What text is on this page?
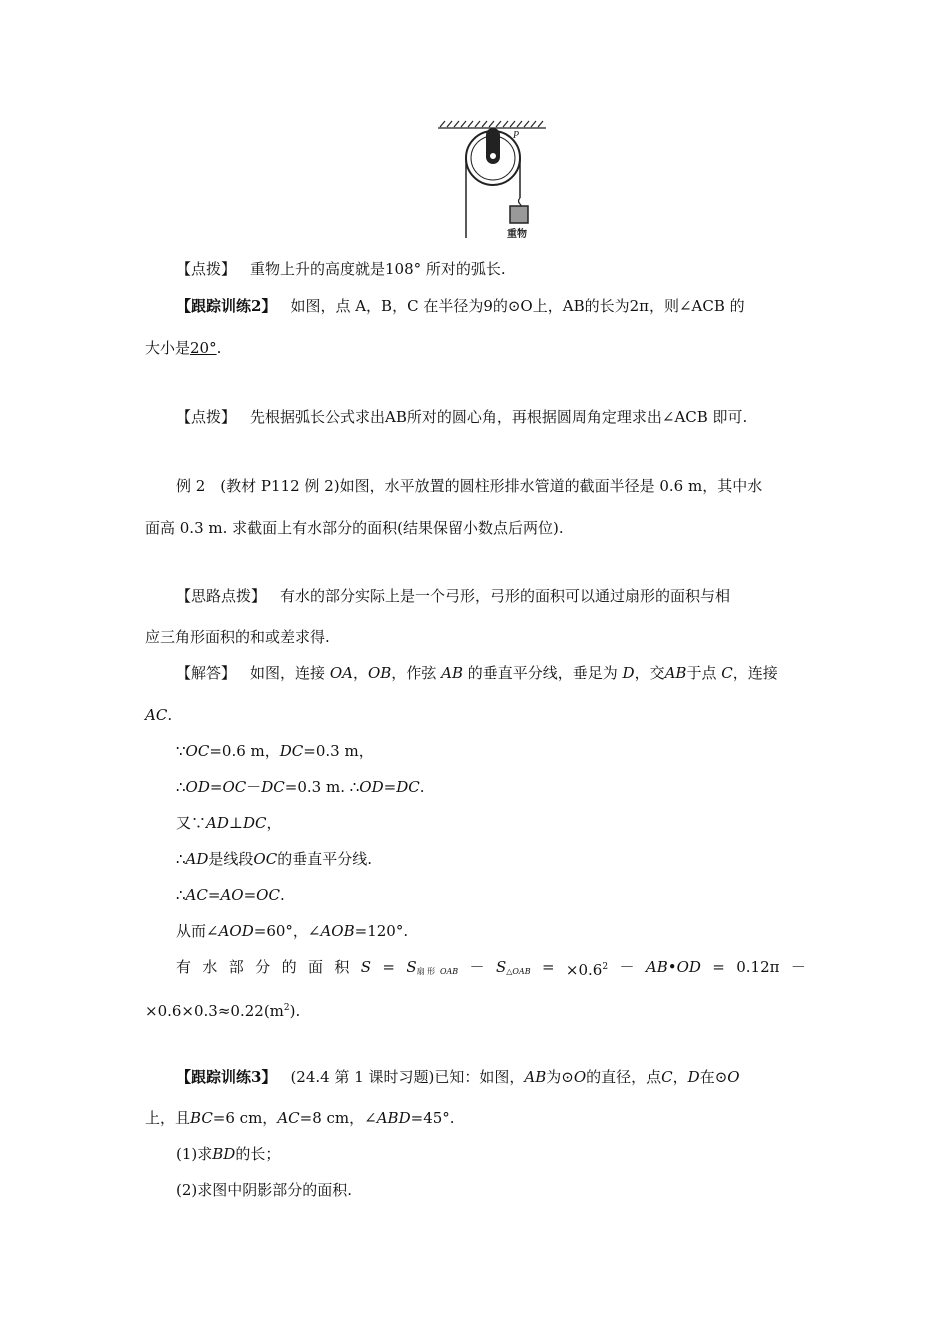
P
重物
【点拨】 重物上升的高度就是108° 所对的弧长.
【跟踪训练2】 如图，点 A，B，C 在半径为9的⊙O上，AB的长为2π，则∠ACB 的
大小是20°.
【点拨】 先根据弧长公式求出AB所对的圆心角，再根据圆周角定理求出∠ACB 即可.
例 2　(教材 P112 例 2)如图，水平放置的圆柱形排水管道的截面半径是 0.6 m，其中水
面高 0.3 m. 求截面上有水部分的面积(结果保留小数点后两位).
【思路点拨】 有水的部分实际上是一个弓形，弓形的面积可以通过扇形的面积与相
应三角形面积的和或差求得.
【解答】 如图，连接 OA，OB，作弦 AB 的垂直平分线，垂足为 D，交AB于点 C，连接
AC.
∵OC=0.6 m，DC=0.3 m，
∴OD=OC－DC=0.3 m. ∴OD=DC.
又∵AD⊥DC，
∴AD是线段OC的垂直平分线.
∴AC=AO=OC.
从而∠AOD=60°，∠AOB=120°.
有 水 部 分 的 面 积 $S = S_{扇 形}$ $_{OAB} - S_{\triangle OAB} = \times 0.6^2$ － AB•OD = 0.12π －
$\times 0.6\times 0.3\approx 0.22(m^2)$.
【跟踪训练3】 (24.4 第 1 课时习题)已知：如图，AB为⊙O的直径，点C，D在⊙O
上，且BC=6 cm，AC=8 cm，∠ABD=45°.
(1)求BD的长；
(2)求图中阴影部分的面积.
